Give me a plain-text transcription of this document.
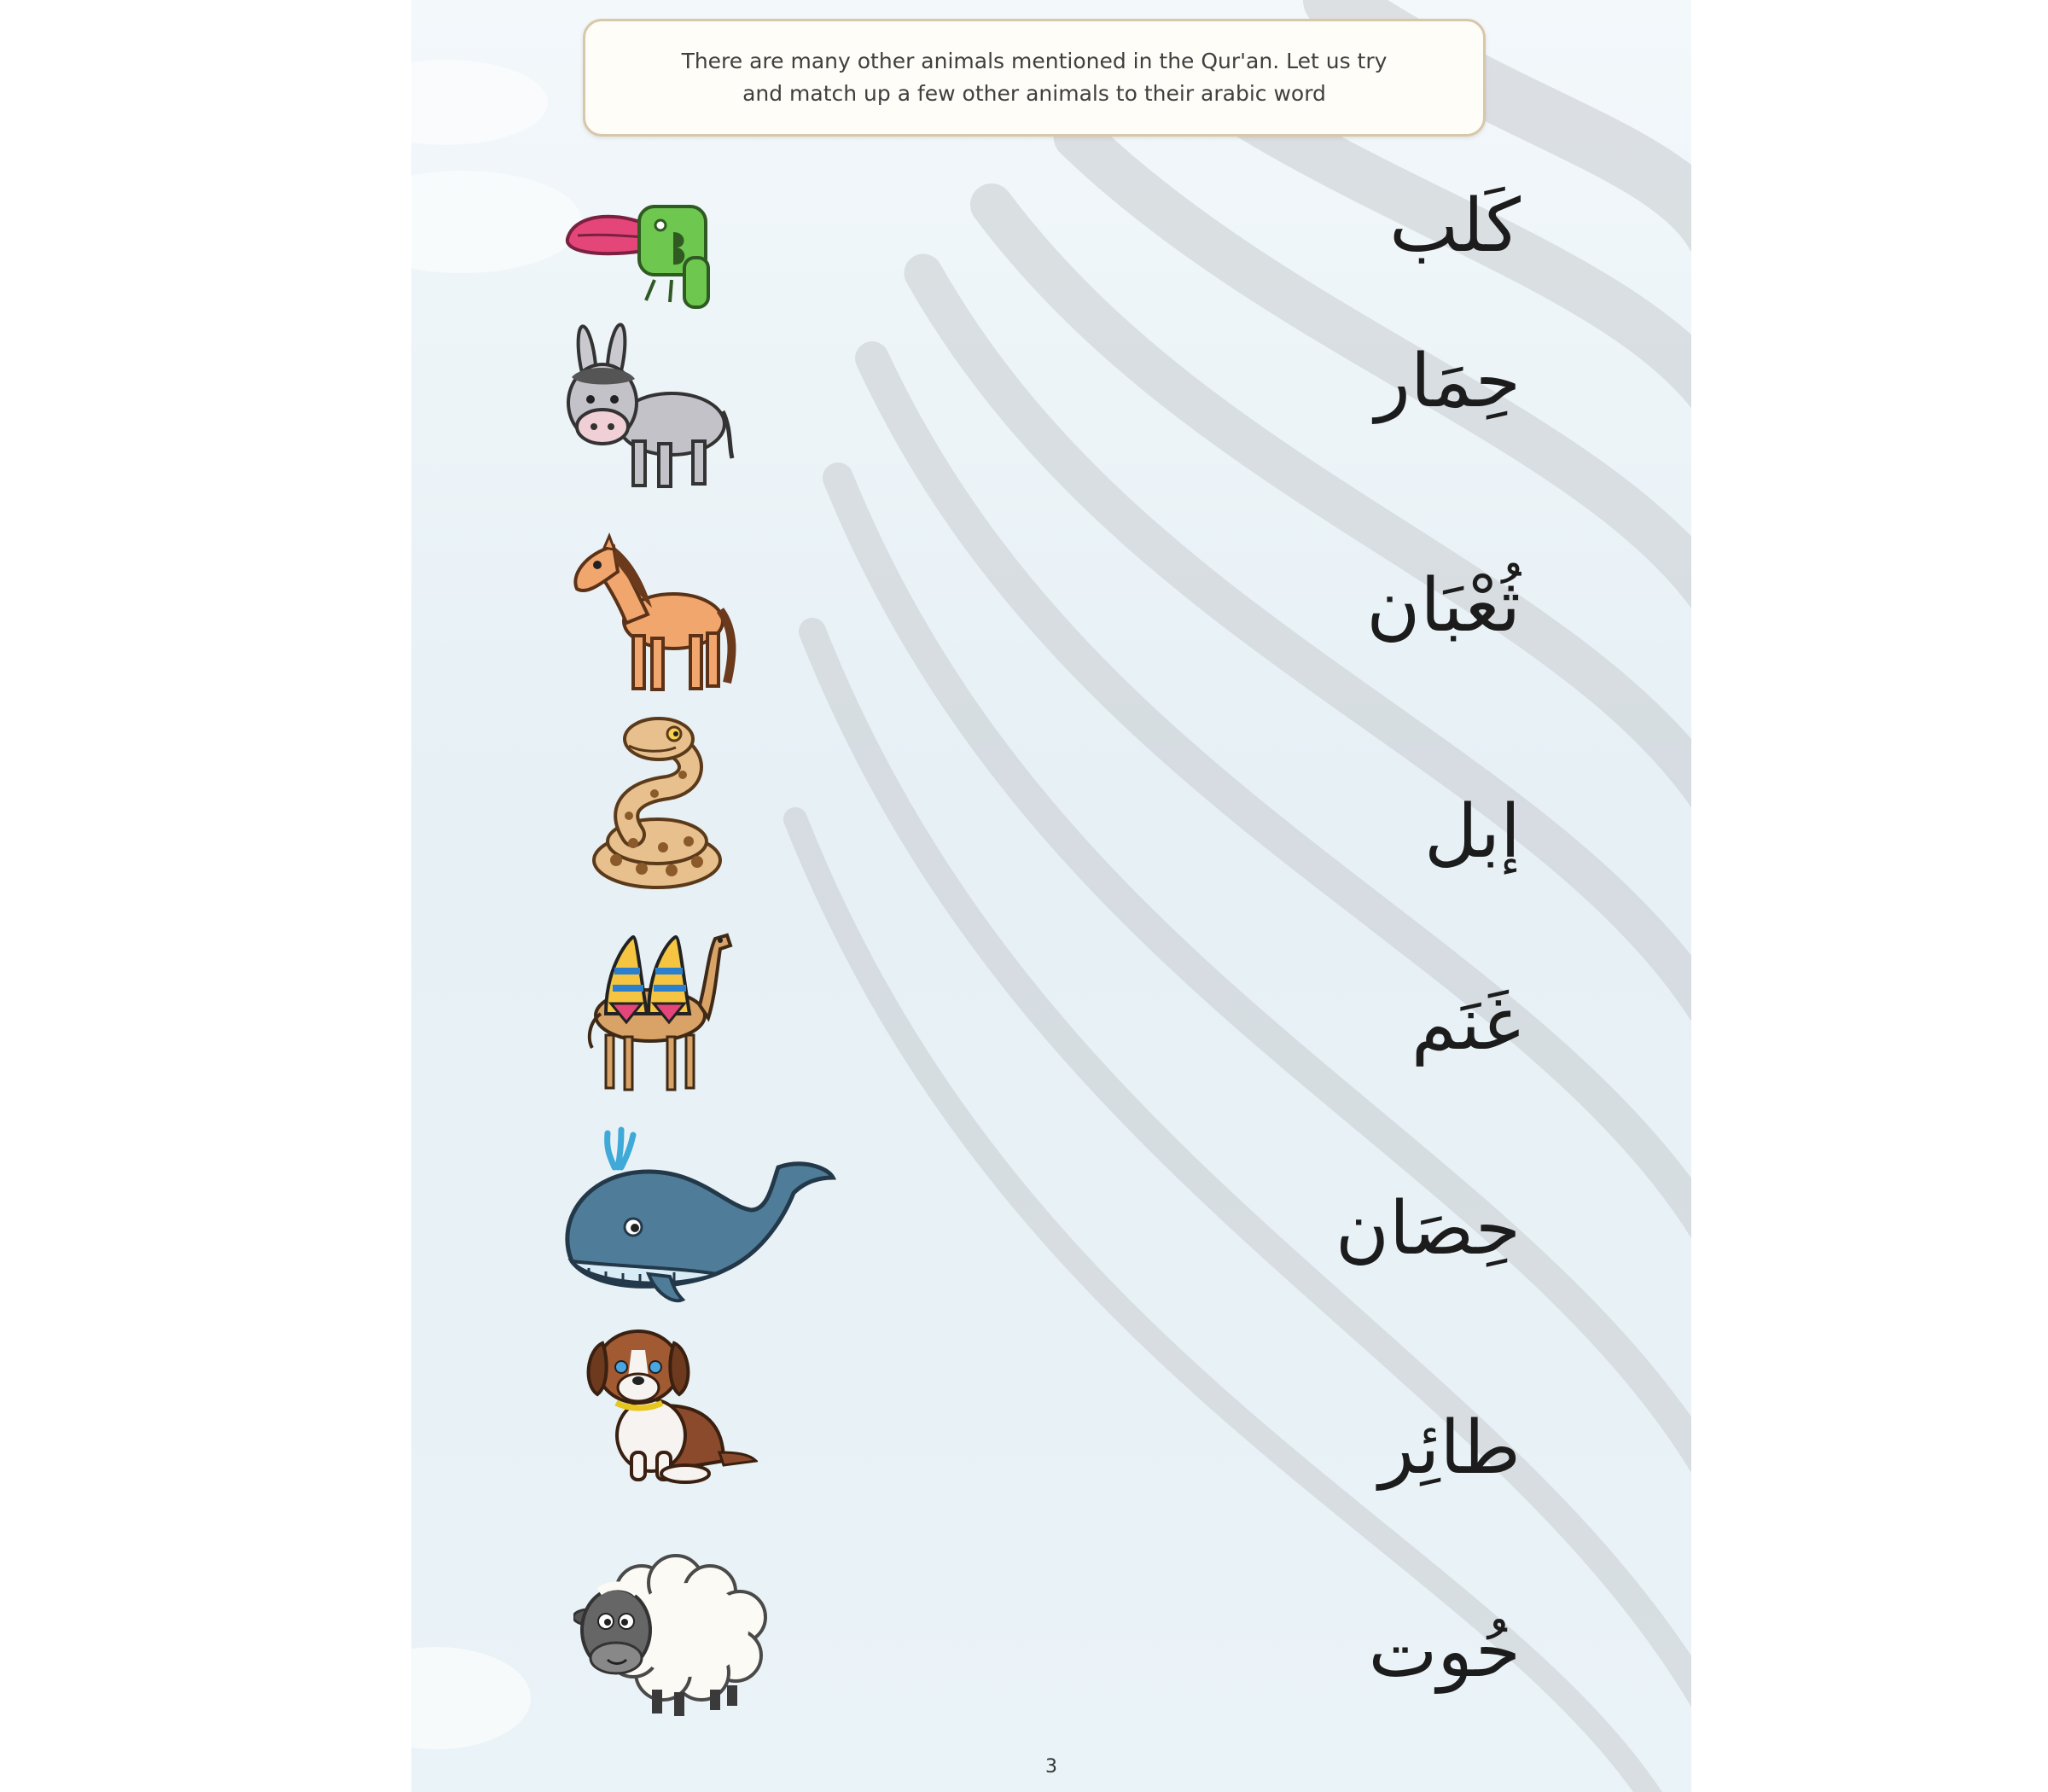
There are many other animals mentioned in the Qur'an. Let us try
and match up a few other animals to their arabic word
كَلب
حِمَار
ثُعْبَان
إبل
غَنَم
حِصَان
طائِر
حُوت
3
